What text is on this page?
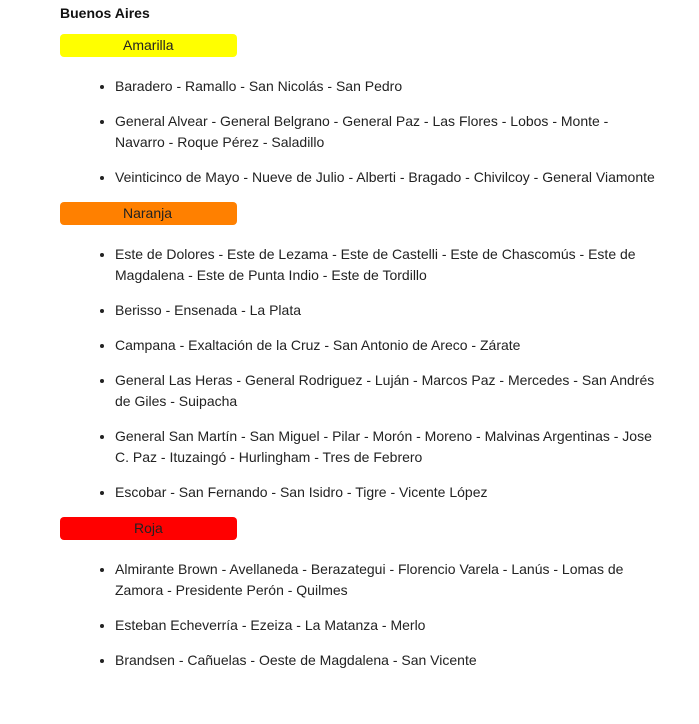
Buenos Aires
Amarilla
• Baradero - Ramallo - San Nicolás - San Pedro
• General Alvear - General Belgrano - General Paz - Las Flores - Lobos - Monte - Navarro - Roque Pérez - Saladillo
• Veinticinco de Mayo - Nueve de Julio - Alberti - Bragado - Chivilcoy - General Viamonte
Naranja
• Este de Dolores - Este de Lezama - Este de Castelli - Este de Chascomús - Este de Magdalena - Este de Punta Indio - Este de Tordillo
• Berisso - Ensenada - La Plata
• Campana - Exaltación de la Cruz - San Antonio de Areco - Zárate
• General Las Heras - General Rodriguez - Luján - Marcos Paz - Mercedes - San Andrés de Giles - Suipacha
• General San Martín - San Miguel - Pilar - Morón - Moreno - Malvinas Argentinas - Jose C. Paz - Ituzaingó - Hurlingham - Tres de Febrero
• Escobar - San Fernando - San Isidro - Tigre - Vicente López
Roja
• Almirante Brown - Avellaneda - Berazategui - Florencio Varela - Lanús - Lomas de Zamora - Presidente Perón - Quilmes
• Esteban Echeverría - Ezeiza - La Matanza - Merlo
• Brandsen - Cañuelas - Oeste de Magdalena - San Vicente
